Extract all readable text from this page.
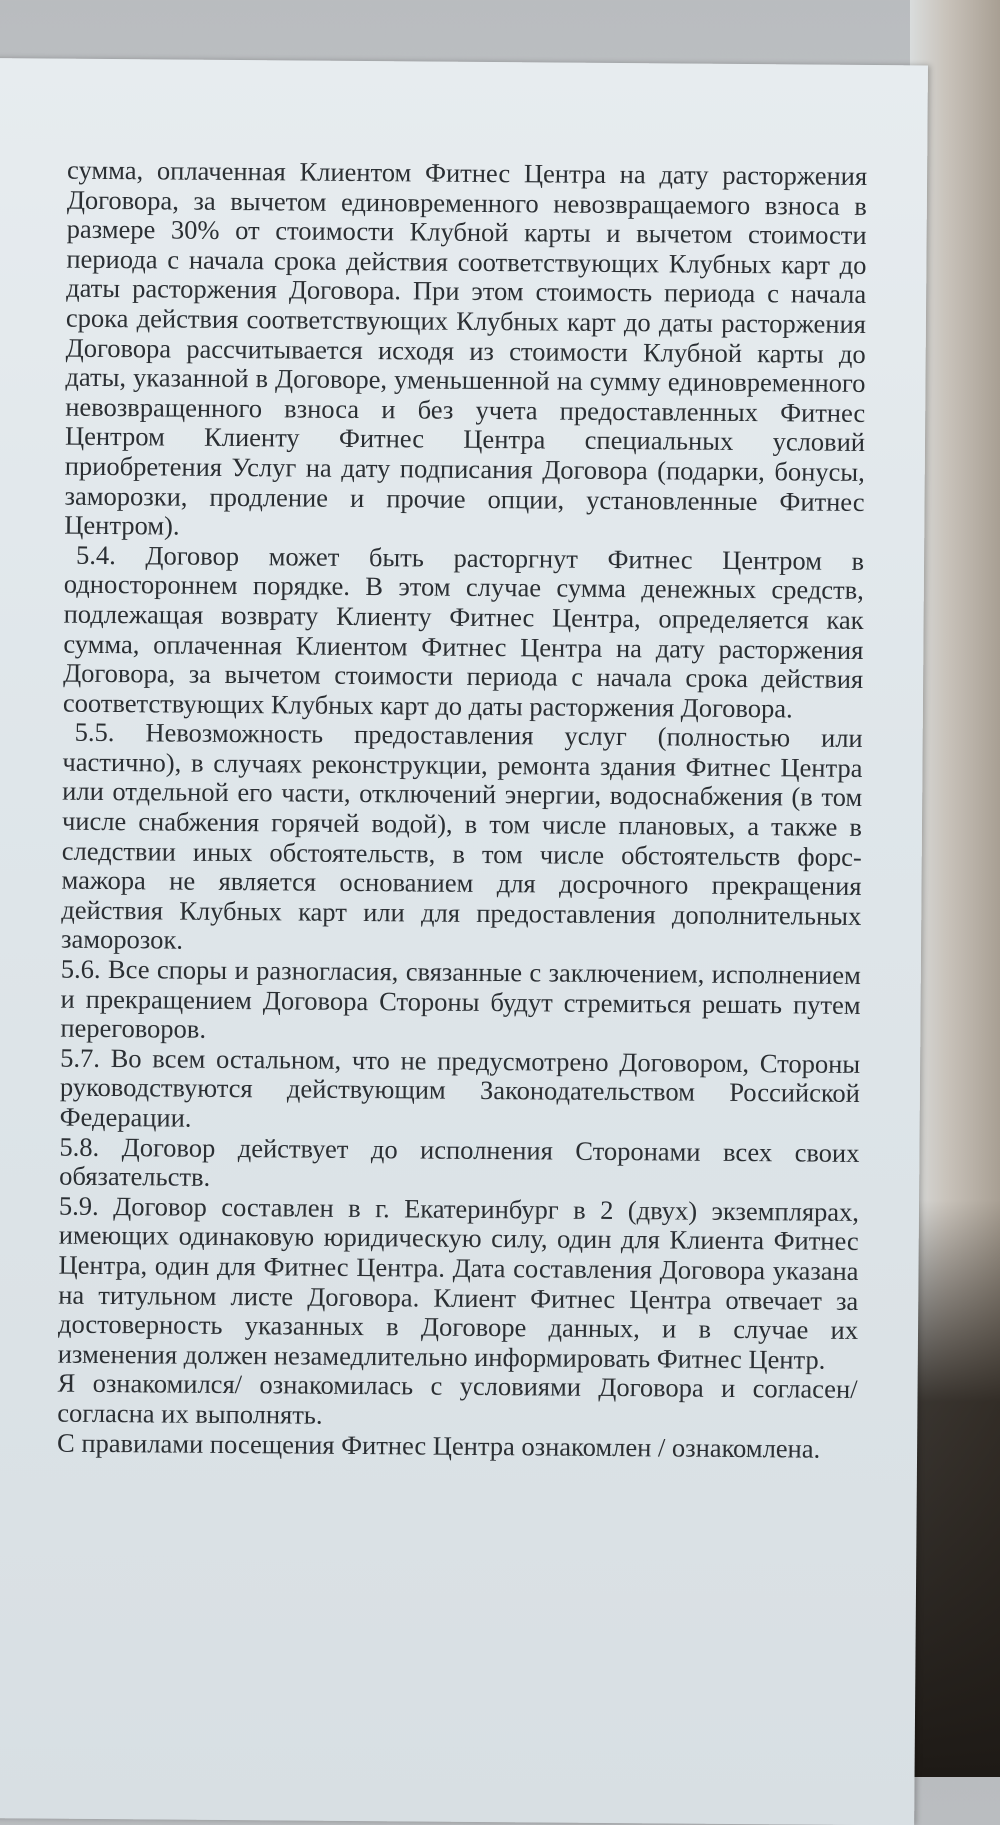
сумма, оплаченная Клиентом Фитнес Центра на дату расторжения Договора, за вычетом единовременного невозвращаемого взноса в размере 30% от стоимости Клубной карты и вычетом стоимости периода с начала срока действия соответствующих Клубных карт до даты расторжения Договора. При этом стоимость периода с начала срока действия соответствующих Клубных карт до даты расторжения Договора рассчитывается исходя из стоимости Клубной карты до даты, указанной в Договоре, уменьшенной на сумму единовременного невозвращенного взноса и без учета предоставленных Фитнес Центром Клиенту Фитнес Центра специальных условий приобретения Услуг на дату подписания Договора (подарки, бонусы, заморозки, продление и прочие опции, установленные Фитнес Центром).

5.4. Договор может быть расторгнут Фитнес Центром в одностороннем порядке. В этом случае сумма денежных средств, подлежащая возврату Клиенту Фитнес Центра, определяется как сумма, оплаченная Клиентом Фитнес Центра на дату расторжения Договора, за вычетом стоимости периода с начала срока действия соответствующих Клубных карт до даты расторжения Договора.

5.5. Невозможность предоставления услуг (полностью или частично), в случаях реконструкции, ремонта здания Фитнес Центра или отдельной его части, отключений энергии, водоснабжения (в том числе снабжения горячей водой), в том числе плановых, а также в следствии иных обстоятельств, в том числе обстоятельств форс-мажора не является основанием для досрочного прекращения действия Клубных карт или для предоставления дополнительных заморозок.

5.6. Все споры и разногласия, связанные с заключением, исполнением и прекращением Договора Стороны будут стремиться решать путем переговоров.

5.7. Во всем остальном, что не предусмотрено Договором, Стороны руководствуются действующим Законодательством Российской Федерации.

5.8. Договор действует до исполнения Сторонами всех своих обязательств.

5.9. Договор составлен в г. Екатеринбург в 2 (двух) экземплярах, имеющих одинаковую юридическую силу, один для Клиента Фитнес Центра, один для Фитнес Центра. Дата составления Договора указана на титульном листе Договора. Клиент Фитнес Центра отвечает за достоверность указанных в Договоре данных, и в случае их изменения должен незамедлительно информировать Фитнес Центр.

Я ознакомился/ ознакомилась с условиями Договора и согласен/согласна их выполнять.

С правилами посещения Фитнес Центра ознакомлен / ознакомлена.
